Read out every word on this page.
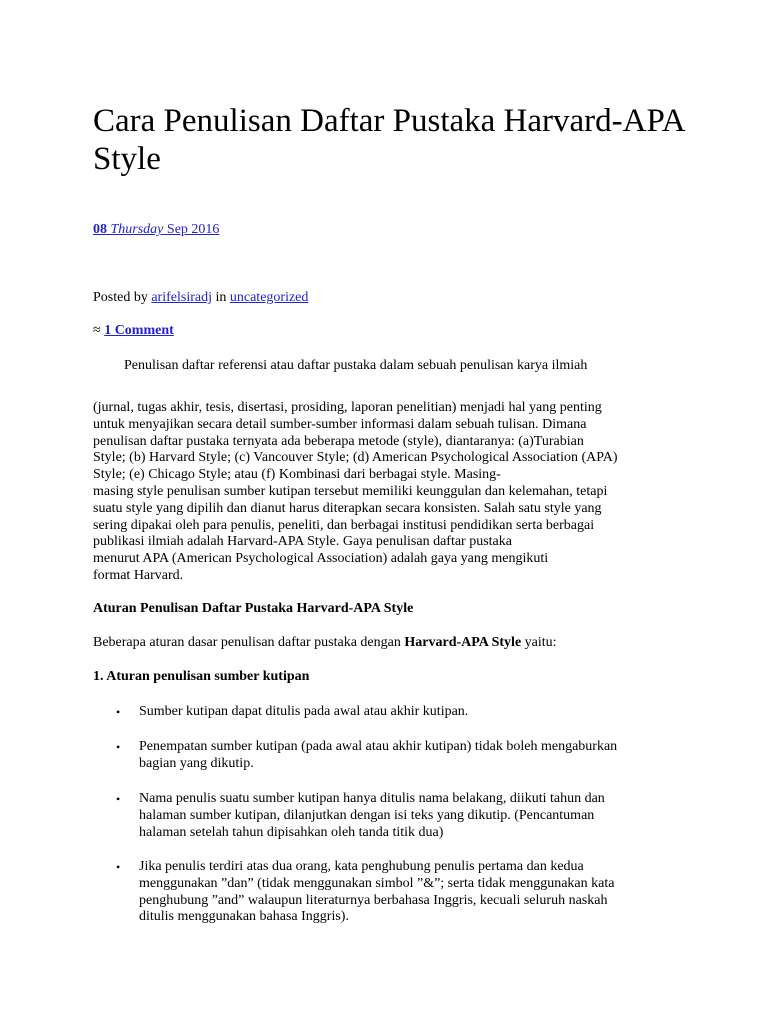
Cara Penulisan Daftar Pustaka Harvard-APA Style
08 Thursday Sep 2016
Posted by arifelsiradj in uncategorized
≈ 1 Comment
Penulisan daftar referensi atau daftar pustaka dalam sebuah penulisan karya ilmiah
(jurnal, tugas akhir, tesis, disertasi, prosiding, laporan penelitian) menjadi hal yang penting
untuk menyajikan secara detail sumber-sumber informasi dalam sebuah tulisan. Dimana
penulisan daftar pustaka ternyata ada beberapa metode (style), diantaranya: (a)Turabian
Style; (b) Harvard Style; (c) Vancouver Style; (d) American Psychological Association (APA)
Style; (e) Chicago Style; atau (f) Kombinasi dari berbagai style. Masing-
masing style penulisan sumber kutipan tersebut memiliki keunggulan dan kelemahan, tetapi
suatu style yang dipilih dan dianut harus diterapkan secara konsisten. Salah satu style yang
sering dipakai oleh para penulis, peneliti, dan berbagai institusi pendidikan serta berbagai
publikasi ilmiah adalah Harvard-APA Style. Gaya penulisan daftar pustaka
menurut APA (American Psychological Association) adalah gaya yang mengikuti
format Harvard.
Aturan Penulisan Daftar Pustaka Harvard-APA Style
Beberapa aturan dasar penulisan daftar pustaka dengan Harvard-APA Style yaitu:
1. Aturan penulisan sumber kutipan
• Sumber kutipan dapat ditulis pada awal atau akhir kutipan.
• Penempatan sumber kutipan (pada awal atau akhir kutipan) tidak boleh mengaburkan
bagian yang dikutip.
• Nama penulis suatu sumber kutipan hanya ditulis nama belakang, diikuti tahun dan
halaman sumber kutipan, dilanjutkan dengan isi teks yang dikutip. (Pencantuman
halaman setelah tahun dipisahkan oleh tanda titik dua)
• Jika penulis terdiri atas dua orang, kata penghubung penulis pertama dan kedua
menggunakan ”dan” (tidak menggunakan simbol ”&”; serta tidak menggunakan kata
penghubung ”and” walaupun literaturnya berbahasa Inggris, kecuali seluruh naskah
ditulis menggunakan bahasa Inggris).
